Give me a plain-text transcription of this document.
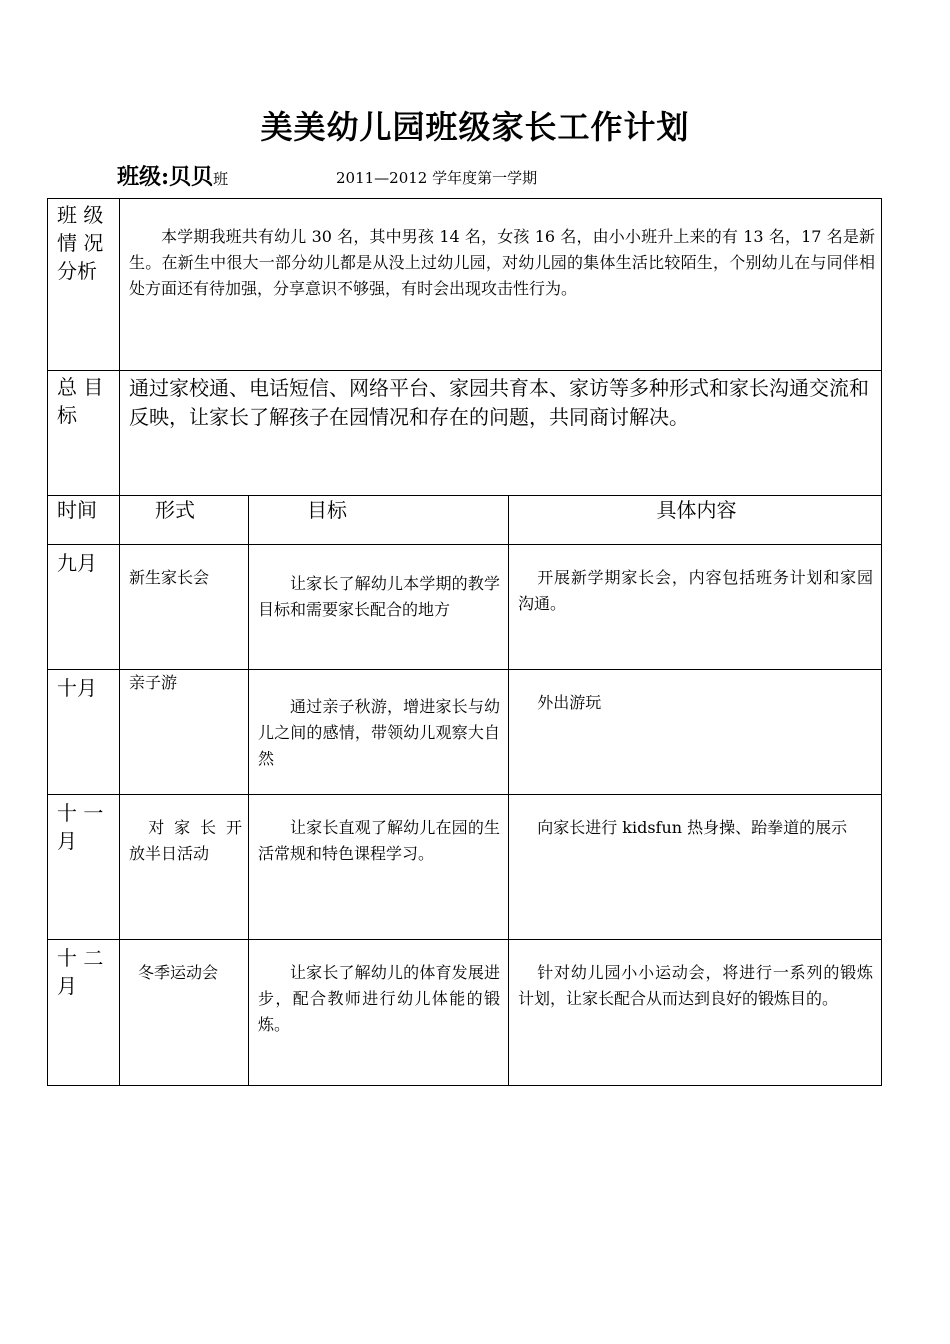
美美幼儿园班级家长工作计划
班级:贝贝班	2011—2012 学年度第一学期
班 级 情 况 分析	本学期我班共有幼儿 30 名，其中男孩 14 名，女孩 16 名，由小小班升上来的有 13 名，17 名是新生。在新生中很大一部分幼儿都是从没上过幼儿园，对幼儿园的集体生活比较陌生，个别幼儿在与同伴相处方面还有待加强，分享意识不够强，有时会出现攻击性行为。		
总 目 标	通过家校通、电话短信、网络平台、家园共育本、家访等多种形式和家长沟通交流和反映，让家长了解孩子在园情况和存在的问题，共同商讨解决。		

时间	形式	目标	具体内容

九月	新生家长会	让家长了解幼儿本学期的教学目标和需要家长配合的地方	开展新学期家长会，内容包括班务计划和家园沟通。
十月	亲子游	通过亲子秋游，增进家长与幼儿之间的感情，带领幼儿观察大自然	外出游玩
十 一 月	对 家 长 开放半日活动	让家长直观了解幼儿在园的生活常规和特色课程学习。	向家长进行 kidsfun 热身操、跆拳道的展示
十 二 月	冬季运动会	让家长了解幼儿的体育发展进步，配合教师进行幼儿体能的锻炼。	针对幼儿园小小运动会，将进行一系列的锻炼计划，让家长配合从而达到良好的锻炼目的。
